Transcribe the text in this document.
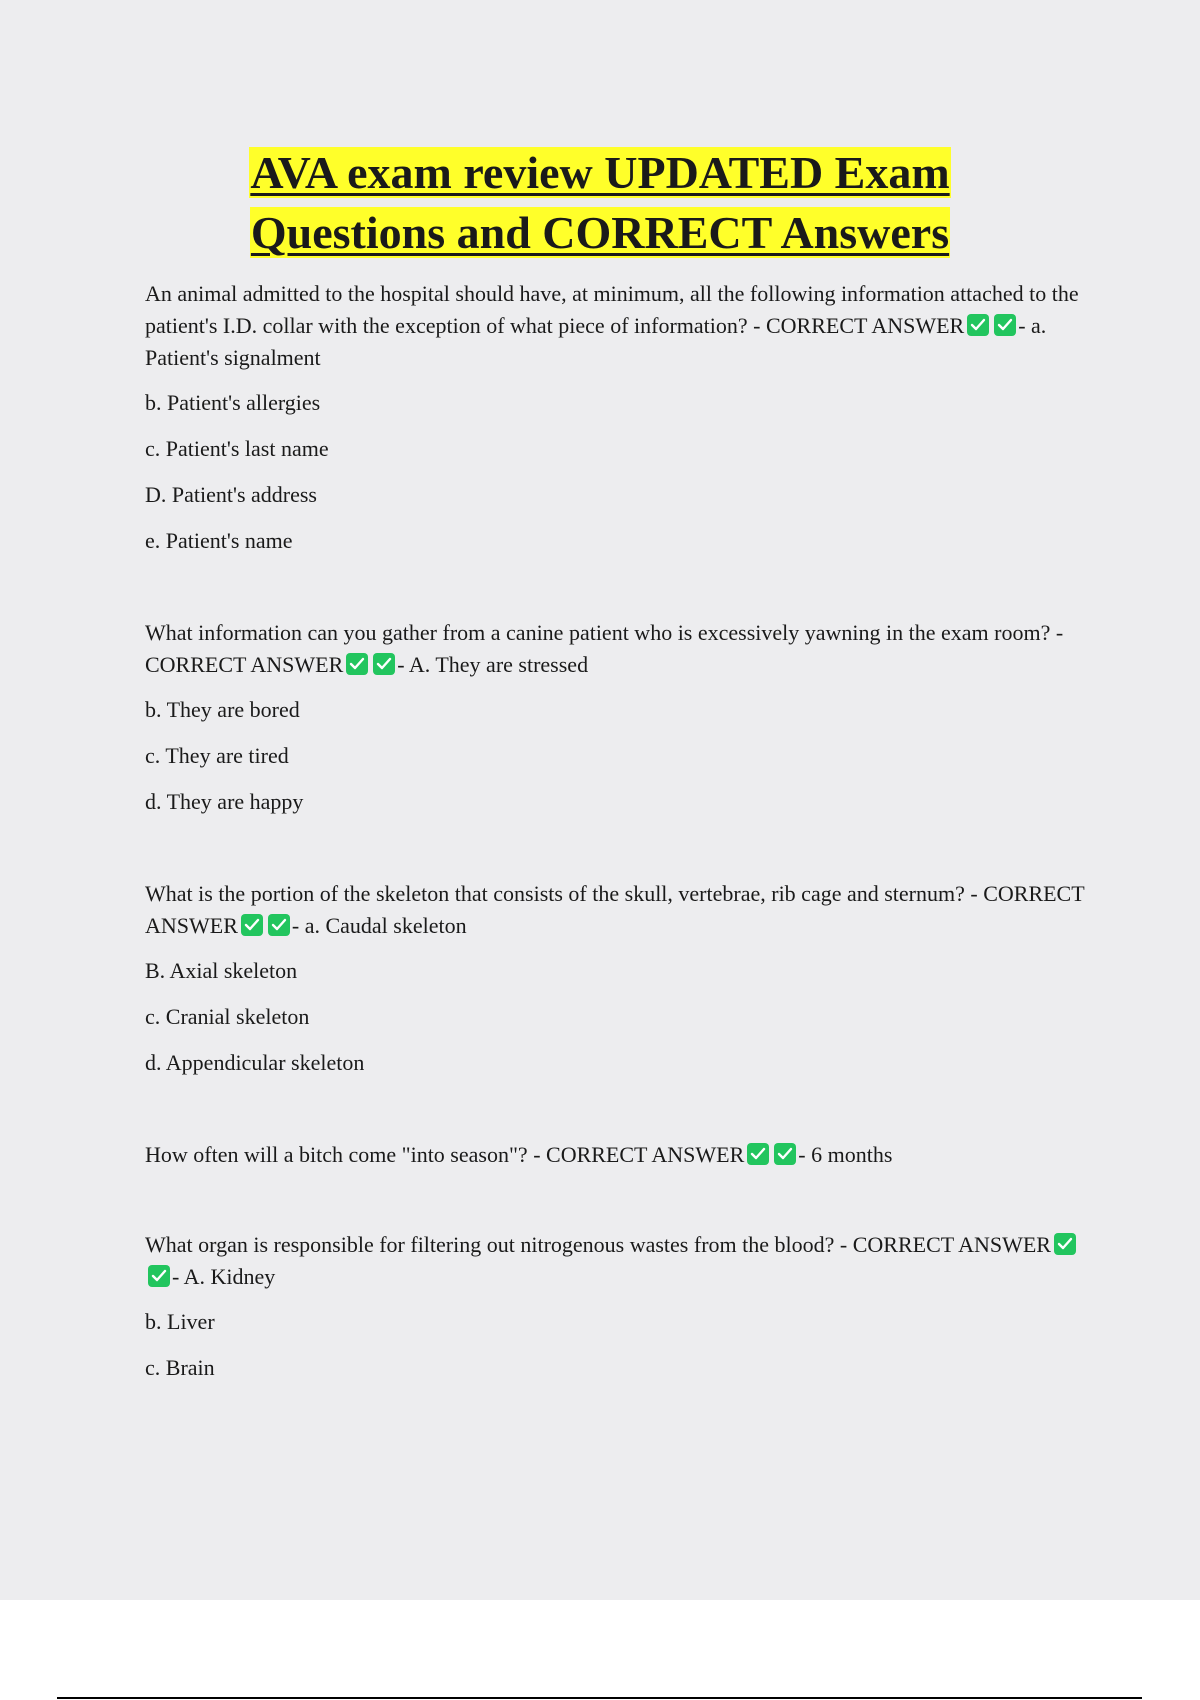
AVA exam review UPDATED Exam
Questions and CORRECT Answers
An animal admitted to the hospital should have, at minimum, all the following information attached to the patient's I.D. collar with the exception of what piece of information? - CORRECT ANSWER - a. Patient's signalment
b. Patient's allergies
c. Patient's last name
D. Patient's address
e. Patient's name
What information can you gather from a canine patient who is excessively yawning in the exam room? - CORRECT ANSWER - A. They are stressed
b. They are bored
c. They are tired
d. They are happy
What is the portion of the skeleton that consists of the skull, vertebrae, rib cage and sternum? - CORRECT ANSWER - a. Caudal skeleton
B. Axial skeleton
c. Cranial skeleton
d. Appendicular skeleton
How often will a bitch come "into season"? - CORRECT ANSWER - 6 months
What organ is responsible for filtering out nitrogenous wastes from the blood? - CORRECT ANSWER
- A. Kidney
b. Liver
c. Brain
